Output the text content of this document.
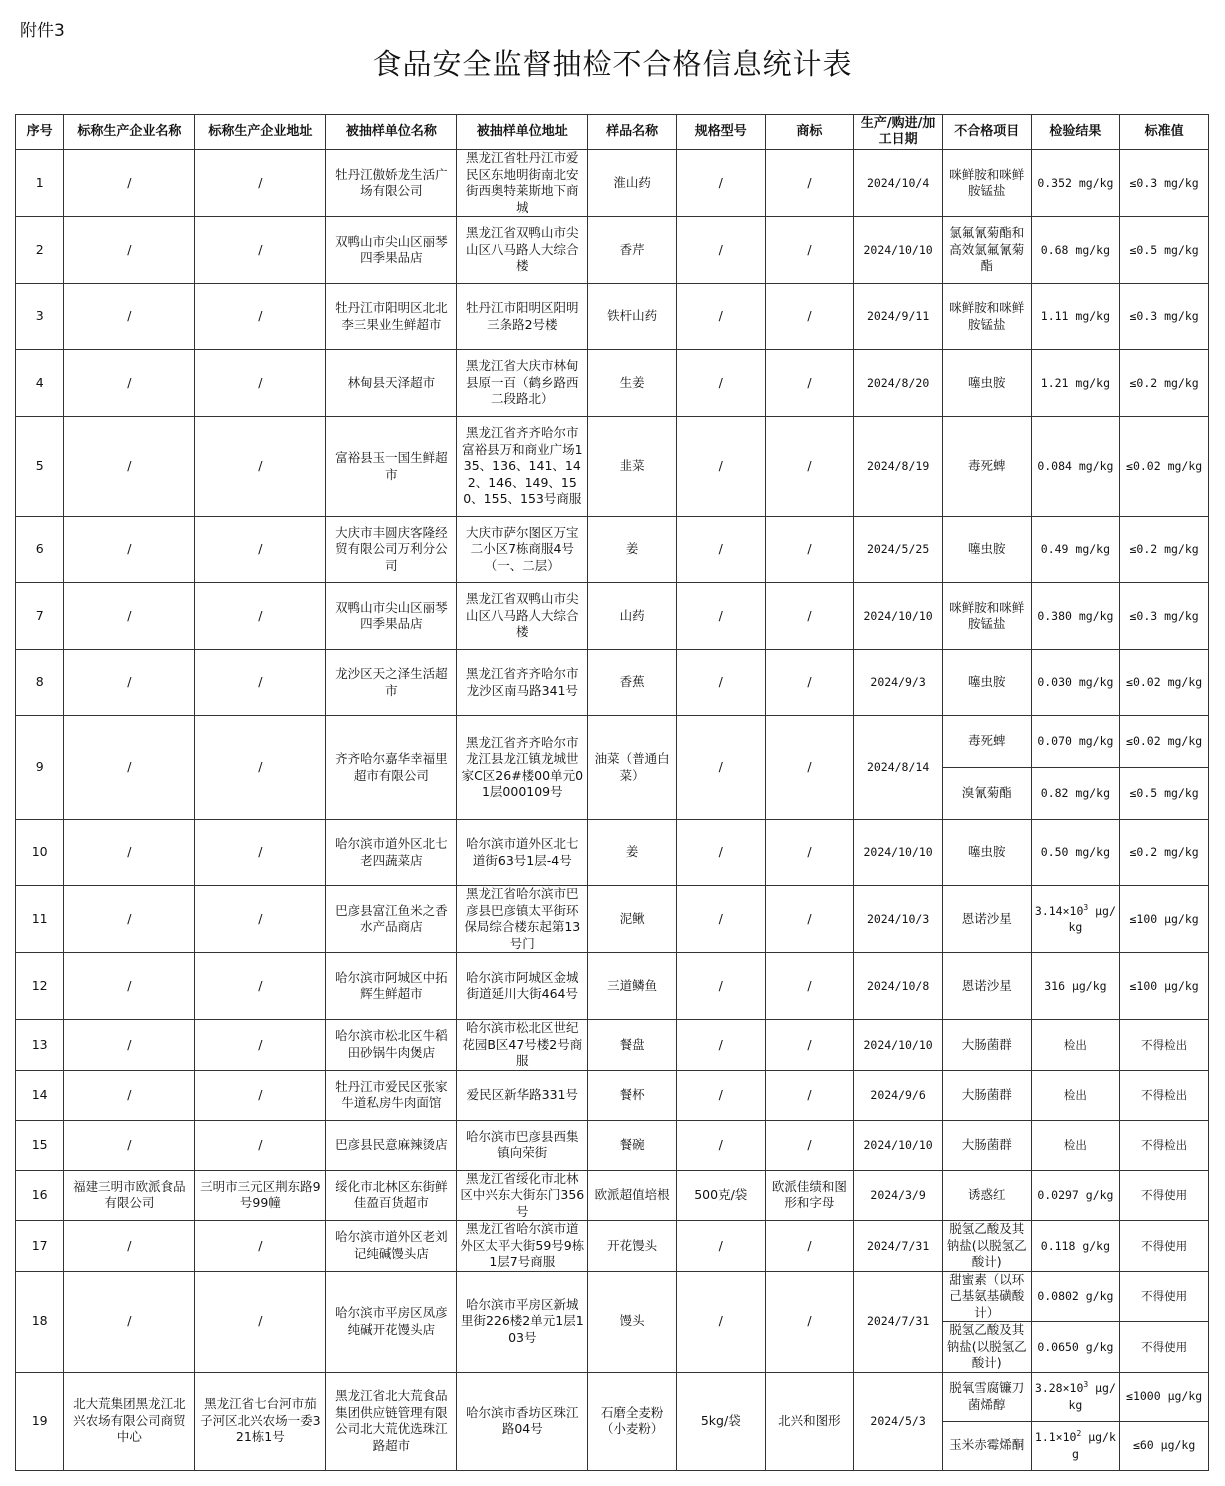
附件3
食品安全监督抽检不合格信息统计表
序号	标称生产企业名称	标称生产企业地址	被抽样单位名称	被抽样单位地址	样品名称	规格型号	商标	生产/购进/加工日期	不合格项目	检验结果	标准值
1	/	/	牡丹江傲娇龙生活广场有限公司	黑龙江省牡丹江市爱民区东地明街南北安街西奥特莱斯地下商城	淮山药	/	/	2024/10/4	咪鲜胺和咪鲜胺锰盐	0.352 mg/kg	≤0.3 mg/kg
2	/	/	双鸭山市尖山区丽琴四季果品店	黑龙江省双鸭山市尖山区八马路人大综合楼	香芹	/	/	2024/10/10	氯氟氰菊酯和高效氯氟氰菊酯	0.68 mg/kg	≤0.5 mg/kg
3	/	/	牡丹江市阳明区北北李三果业生鲜超市	牡丹江市阳明区阳明三条路2号楼	铁杆山药	/	/	2024/9/11	咪鲜胺和咪鲜胺锰盐	1.11 mg/kg	≤0.3 mg/kg
4	/	/	林甸县天泽超市	黑龙江省大庆市林甸县原一百（鹤乡路西二段路北）	生姜	/	/	2024/8/20	噻虫胺	1.21 mg/kg	≤0.2 mg/kg
5	/	/	富裕县玉一国生鲜超市	黑龙江省齐齐哈尔市富裕县万和商业广场135、136、141、142、146、149、150、155、153号商服	韭菜	/	/	2024/8/19	毒死蜱	0.084 mg/kg	≤0.02 mg/kg
6	/	/	大庆市丰圆庆客隆经贸有限公司万利分公司	大庆市萨尔图区万宝二小区7栋商服4号（一、二层）	姜	/	/	2024/5/25	噻虫胺	0.49 mg/kg	≤0.2 mg/kg
7	/	/	双鸭山市尖山区丽琴四季果品店	黑龙江省双鸭山市尖山区八马路人大综合楼	山药	/	/	2024/10/10	咪鲜胺和咪鲜胺锰盐	0.380 mg/kg	≤0.3 mg/kg
8	/	/	龙沙区天之泽生活超市	黑龙江省齐齐哈尔市龙沙区南马路341号	香蕉	/	/	2024/9/3	噻虫胺	0.030 mg/kg	≤0.02 mg/kg
9	/	/	齐齐哈尔嘉华幸福里超市有限公司	黑龙江省齐齐哈尔市龙江县龙江镇龙城世家C区26#楼00单元01层000109号	油菜（普通白菜）	/	/	2024/8/14	毒死蜱	0.070 mg/kg	≤0.02 mg/kg
									溴氰菊酯	0.82 mg/kg	≤0.5 mg/kg
10	/	/	哈尔滨市道外区北七老四蔬菜店	哈尔滨市道外区北七道街63号1层-4号	姜	/	/	2024/10/10	噻虫胺	0.50 mg/kg	≤0.2 mg/kg
11	/	/	巴彦县富江鱼米之香水产品商店	黑龙江省哈尔滨市巴彦县巴彦镇太平街环保局综合楼东起第13号门	泥鳅	/	/	2024/10/3	恩诺沙星	$3.14\times 10^3$ μg/kg	≤100 μg/kg
12	/	/	哈尔滨市阿城区中拓辉生鲜超市	哈尔滨市阿城区金城街道延川大街464号	三道鳞鱼	/	/	2024/10/8	恩诺沙星	316 μg/kg	≤100 μg/kg
13	/	/	哈尔滨市松北区牛稻田砂锅牛肉煲店	哈尔滨市松北区世纪花园B区47号楼2号商服	餐盘	/	/	2024/10/10	大肠菌群	检出	不得检出
14	/	/	牡丹江市爱民区张家牛道私房牛肉面馆	爱民区新华路331号	餐杯	/	/	2024/9/6	大肠菌群	检出	不得检出
15	/	/	巴彦县民意麻辣烫店	哈尔滨市巴彦县西集镇向荣街	餐碗	/	/	2024/10/10	大肠菌群	检出	不得检出
16	福建三明市欧派食品有限公司	三明市三元区荆东路9号99幢	绥化市北林区东街鲜佳盈百货超市	黑龙江省绥化市北林区中兴东大街东门356号	欧派超值培根	500克/袋	欧派佳绩和图形和字母	2024/3/9	诱惑红	0.0297 g/kg	不得使用
17	/	/	哈尔滨市道外区老刘记纯碱馒头店	黑龙江省哈尔滨市道外区太平大街59号9栋1层7号商服	开花馒头	/	/	2024/7/31	脱氢乙酸及其钠盐(以脱氢乙酸计)	0.118 g/kg	不得使用
18	/	/	哈尔滨市平房区凤彦纯碱开花馒头店	哈尔滨市平房区新城里街226楼2单元1层103号	馒头	/	/	2024/7/31	甜蜜素（以环己基氨基磺酸计）	0.0802 g/kg	不得使用
									脱氢乙酸及其钠盐(以脱氢乙酸计)	0.0650 g/kg	不得使用
19	北大荒集团黑龙江北兴农场有限公司商贸中心	黑龙江省七台河市茄子河区北兴农场一委321栋1号	黑龙江省北大荒食品集团供应链管理有限公司北大荒优选珠江路超市	哈尔滨市香坊区珠江路04号	石磨全麦粉（小麦粉）	5kg/袋	北兴和图形	2024/5/3	脱氧雪腐镰刀菌烯醇	$3.28\times 10^3$ μg/kg	≤1000 μg/kg
									玉米赤霉烯酮	$1.1\times 10^2$ μg/kg	≤60 μg/kg
